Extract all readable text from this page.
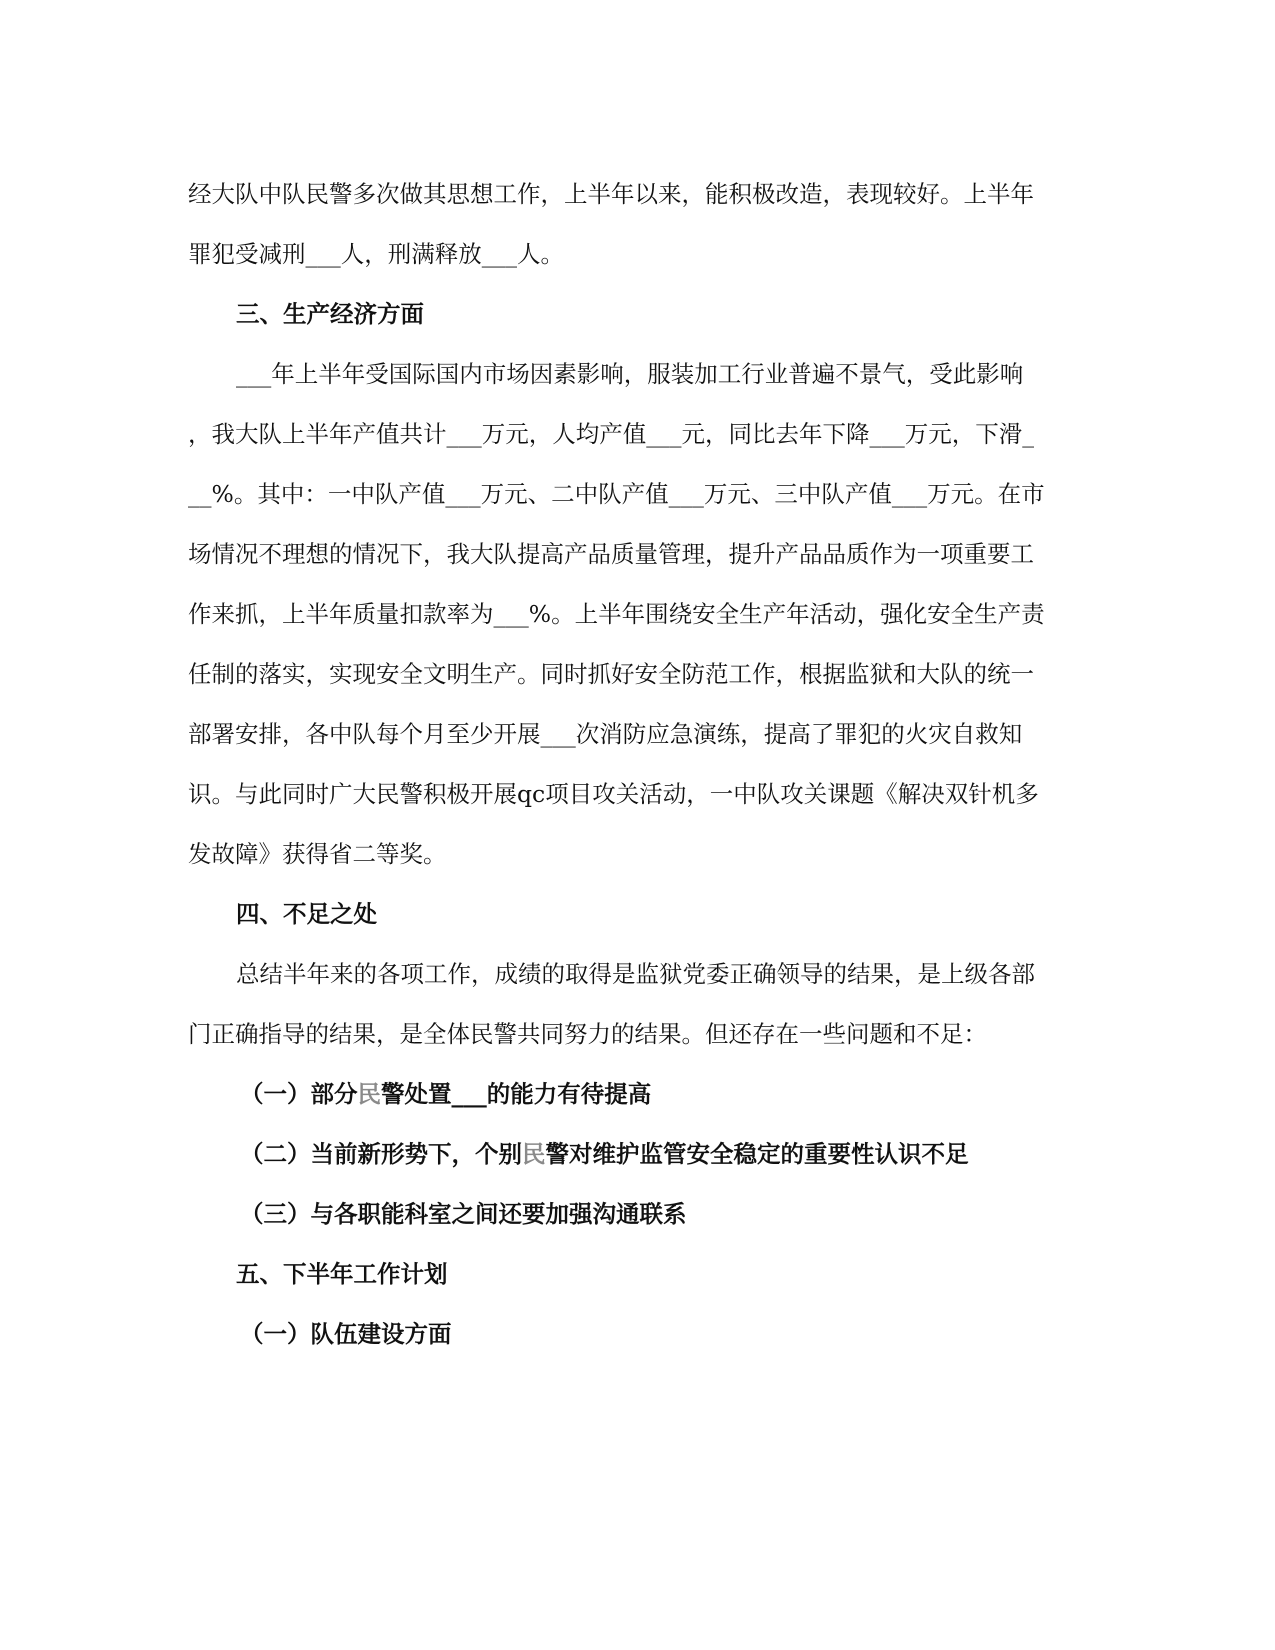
经大队中队民警多次做其思想工作，上半年以来，能积极改造，表现较好。上半年
罪犯受减刑___人，刑满释放___人。
三、生产经济方面
___年上半年受国际国内市场因素影响，服装加工行业普遍不景气，受此影响
，我大队上半年产值共计___万元，人均产值___元，同比去年下降___万元，下滑_
__%。其中：一中队产值___万元、二中队产值___万元、三中队产值___万元。在市
场情况不理想的情况下，我大队提高产品质量管理，提升产品品质作为一项重要工
作来抓，上半年质量扣款率为___%。上半年围绕安全生产年活动，强化安全生产责
任制的落实，实现安全文明生产。同时抓好安全防范工作，根据监狱和大队的统一
部署安排，各中队每个月至少开展___次消防应急演练，提高了罪犯的火灾自救知
识。与此同时广大民警积极开展qc项目攻关活动，一中队攻关课题《解决双针机多
发故障》获得省二等奖。
四、不足之处
总结半年来的各项工作，成绩的取得是监狱党委正确领导的结果，是上级各部
门正确指导的结果，是全体民警共同努力的结果。但还存在一些问题和不足：
（一）部分民警处置___的能力有待提高
（二）当前新形势下，个别民警对维护监管安全稳定的重要性认识不足
（三）与各职能科室之间还要加强沟通联系
五、下半年工作计划
（一）队伍建设方面
